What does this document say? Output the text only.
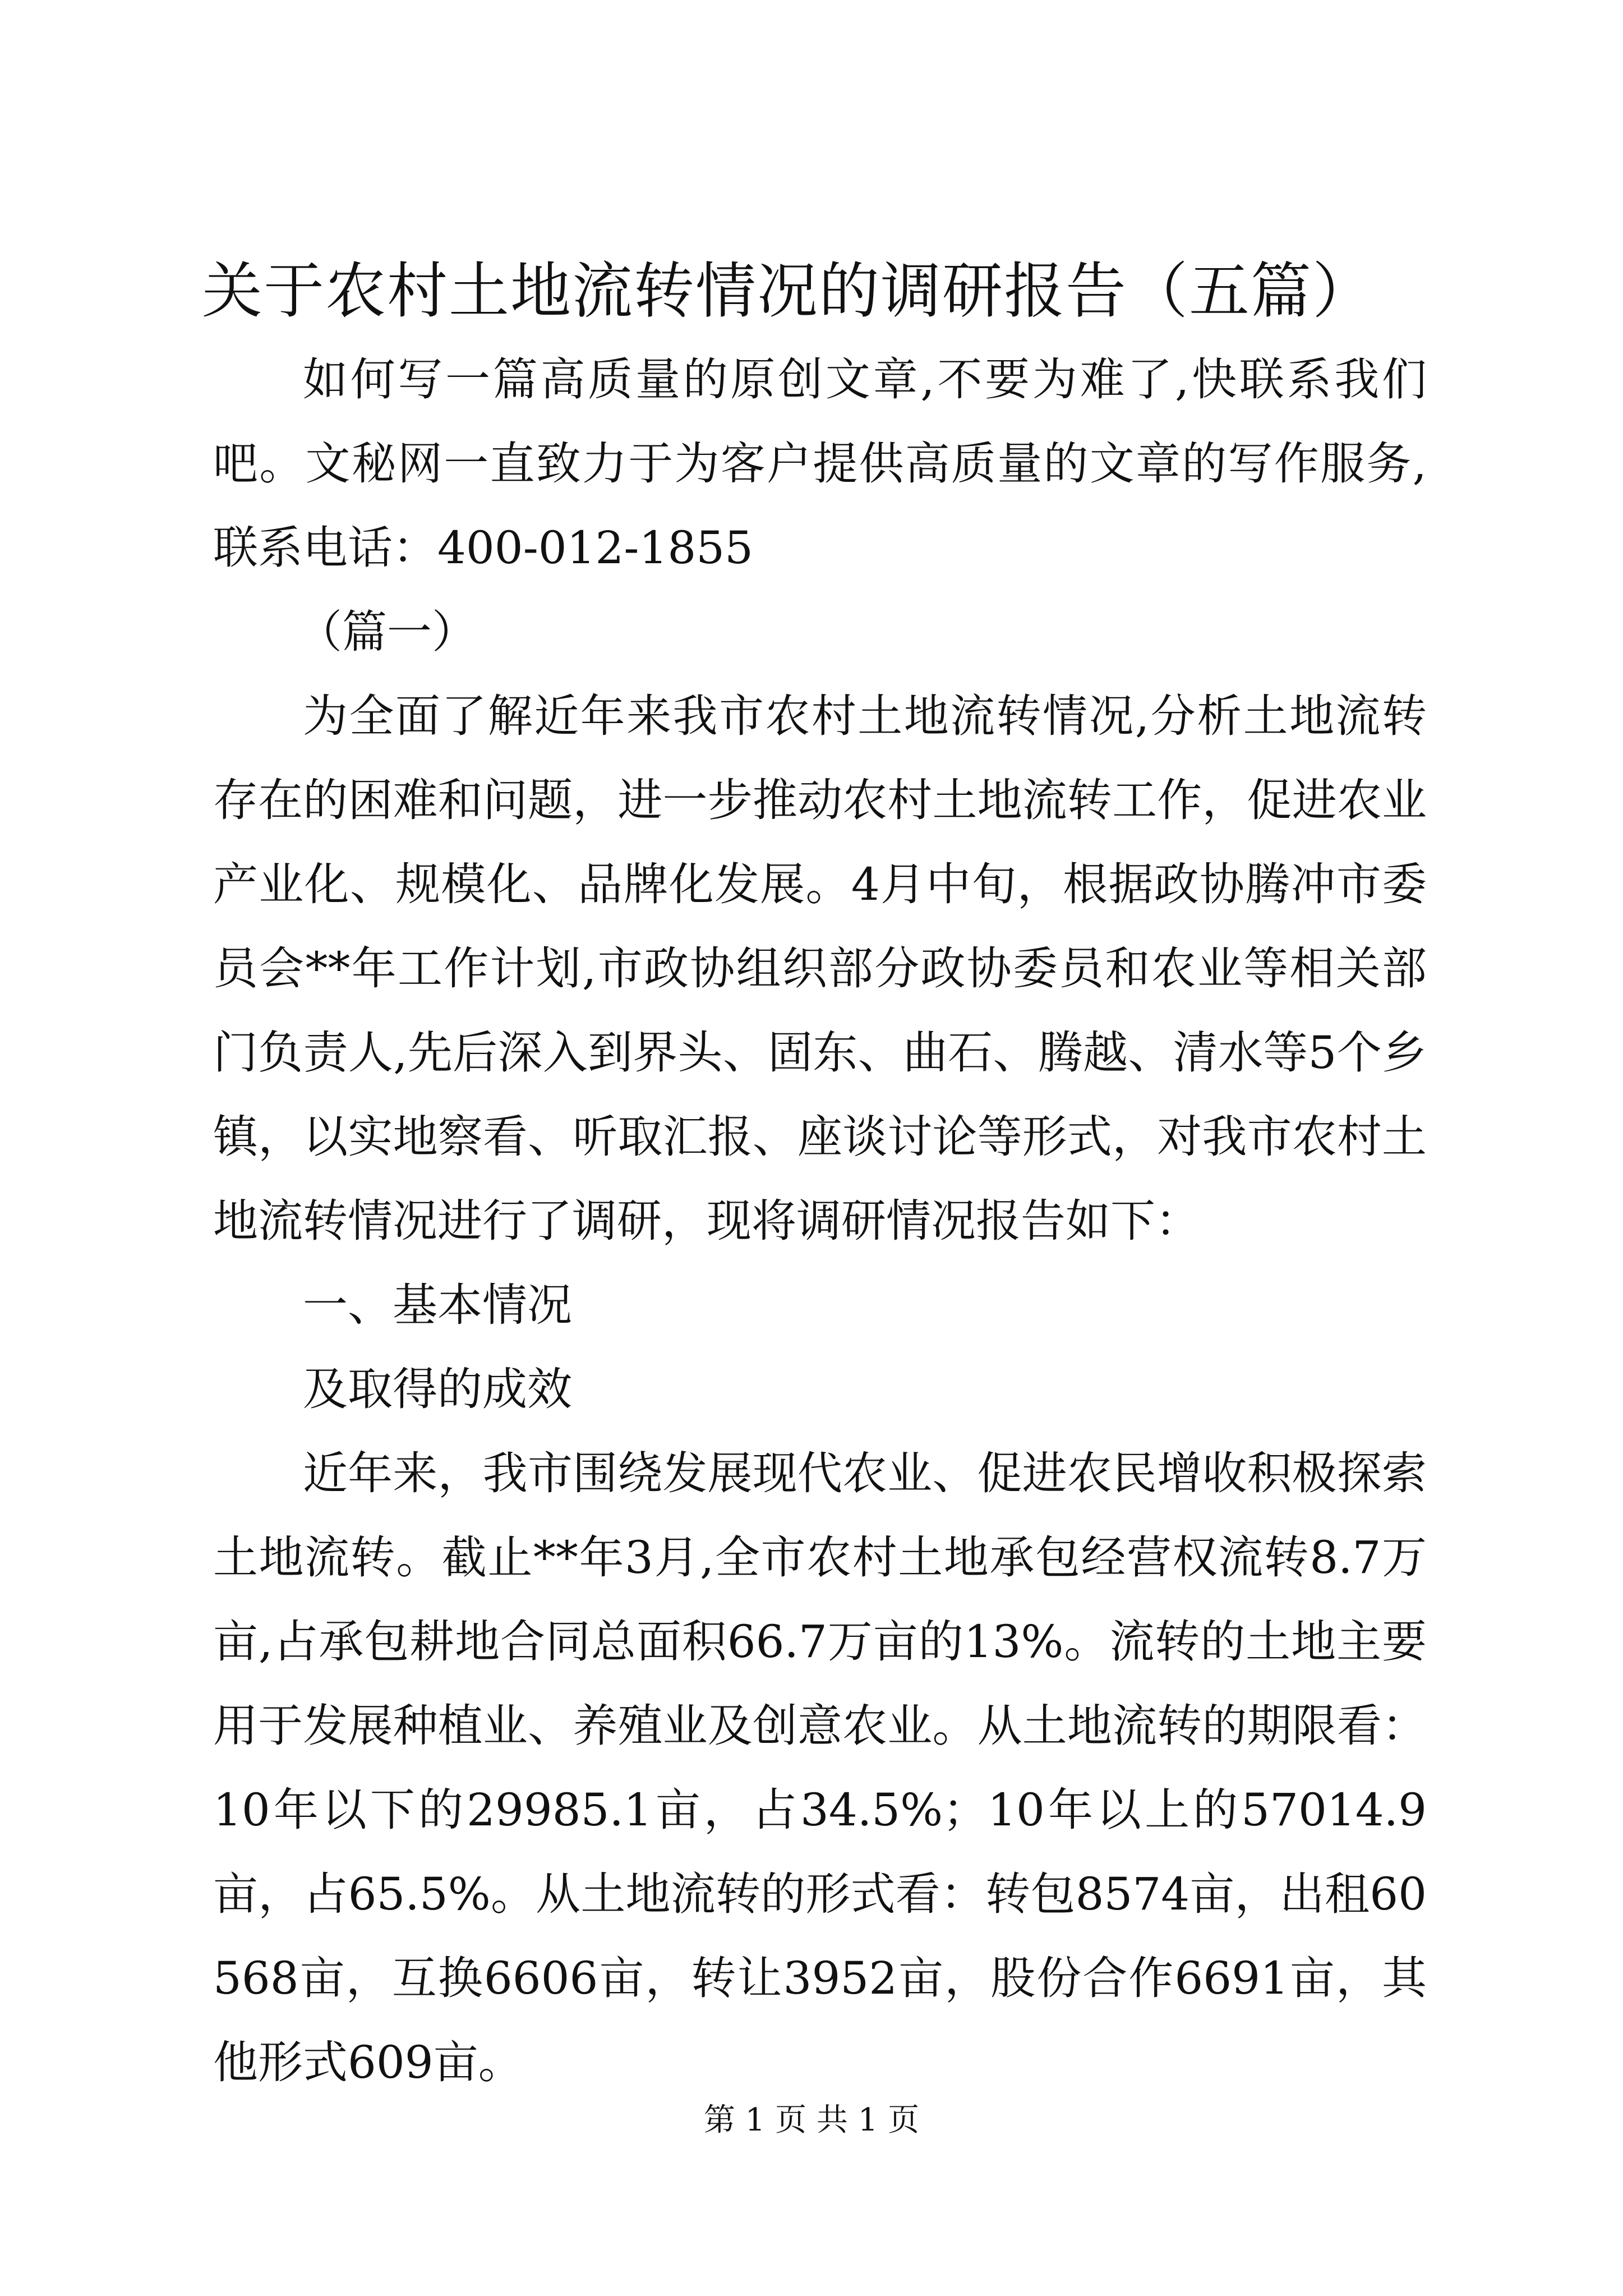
关于农村土地流转情况的调研报告（五篇）

如何写一篇高质量的原创文章,不要为难了,快联系我们吧。文秘网一直致力于为客户提供高质量的文章的写作服务,联系电话：400-012-1855

（篇一）

为全面了解近年来我市农村土地流转情况,分析土地流转存在的困难和问题，进一步推动农村土地流转工作，促进农业产业化、规模化、品牌化发展。4月中旬，根据政协腾冲市委员会**年工作计划,市政协组织部分政协委员和农业等相关部门负责人,先后深入到界头、固东、曲石、腾越、清水等5个乡镇，以实地察看、听取汇报、座谈讨论等形式，对我市农村土地流转情况进行了调研，现将调研情况报告如下：

一、基本情况

及取得的成效

近年来，我市围绕发展现代农业、促进农民增收积极探索土地流转。截止**年3月,全市农村土地承包经营权流转8.7万亩,占承包耕地合同总面积66.7万亩的13%。流转的土地主要用于发展种植业、养殖业及创意农业。从土地流转的期限看：10年以下的29985.1亩，占34.5%；10年以上的57014.9亩，占65.5%。从土地流转的形式看：转包8574亩，出租60568亩，互换6606亩，转让3952亩，股份合作6691亩，其他形式609亩。

第 1 页 共 1 页
